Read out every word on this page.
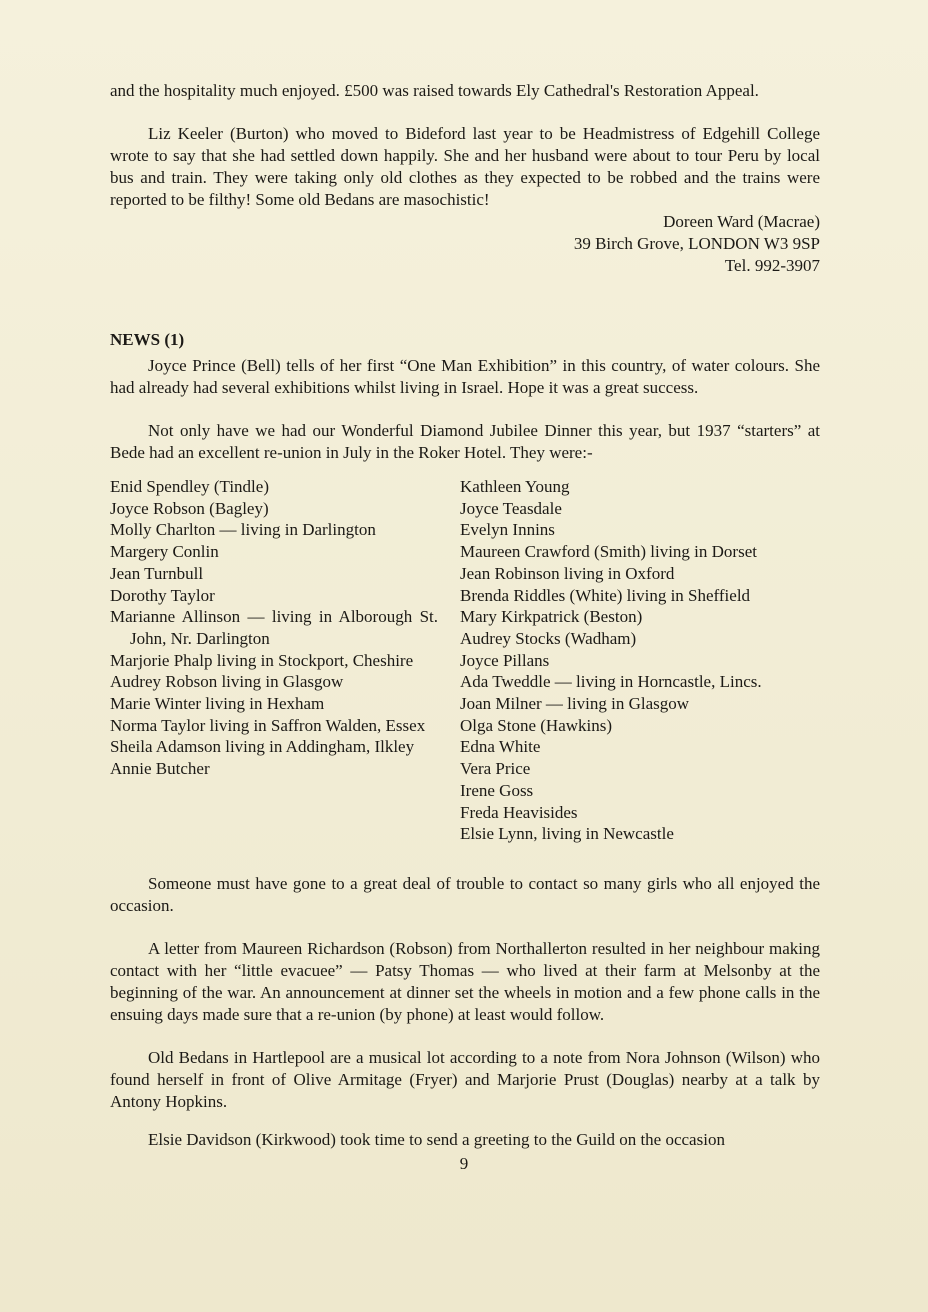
and the hospitality much enjoyed. £500 was raised towards Ely Cathedral's Restoration Appeal.

Liz Keeler (Burton) who moved to Bideford last year to be Headmistress of Edgehill College wrote to say that she had settled down happily. She and her husband were about to tour Peru by local bus and train. They were taking only old clothes as they expected to be robbed and the trains were reported to be filthy! Some old Bedans are masochistic!

Doreen Ward (Macrae)

39 Birch Grove, LONDON W3 9SP

Tel. 992-3907

NEWS (1)

Joyce Prince (Bell) tells of her first “One Man Exhibition” in this country, of water colours. She had already had several exhibitions whilst living in Israel. Hope it was a great success.

Not only have we had our Wonderful Diamond Jubilee Dinner this year, but 1937 “starters” at Bede had an excellent re-union in July in the Roker Hotel. They were:-

Enid Spendley (Tindle)

Joyce Robson (Bagley)

Molly Charlton — living in Darlington

Margery Conlin

Jean Turnbull

Dorothy Taylor

Marianne Allinson — living in Alborough St. John, Nr. Darlington

Marjorie Phalp living in Stockport, Cheshire

Audrey Robson living in Glasgow

Marie Winter living in Hexham

Norma Taylor living in Saffron Walden, Essex

Sheila Adamson living in Addingham, Ilkley

Annie Butcher

Kathleen Young

Joyce Teasdale

Evelyn Innins

Maureen Crawford (Smith) living in Dorset

Jean Robinson living in Oxford

Brenda Riddles (White) living in Sheffield

Mary Kirkpatrick (Beston)

Audrey Stocks (Wadham)

Joyce Pillans

Ada Tweddle — living in Horncastle, Lincs.

Joan Milner — living in Glasgow

Olga Stone (Hawkins)

Edna White

Vera Price

Irene Goss

Freda Heavisides

Elsie Lynn, living in Newcastle

Someone must have gone to a great deal of trouble to contact so many girls who all enjoyed the occasion.

A letter from Maureen Richardson (Robson) from Northallerton resulted in her neighbour making contact with her “little evacuee” — Patsy Thomas — who lived at their farm at Melsonby at the beginning of the war. An announcement at dinner set the wheels in motion and a few phone calls in the ensuing days made sure that a re-union (by phone) at least would follow.

Old Bedans in Hartlepool are a musical lot according to a note from Nora Johnson (Wilson) who found herself in front of Olive Armitage (Fryer) and Marjorie Prust (Douglas) nearby at a talk by Antony Hopkins.

Elsie Davidson (Kirkwood) took time to send a greeting to the Guild on the occasion

9
